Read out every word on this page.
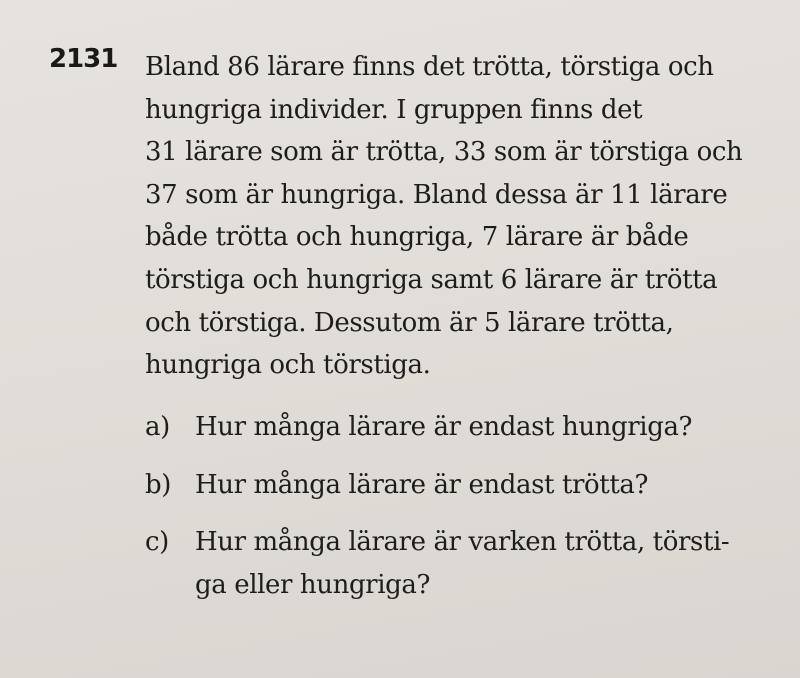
2131 Bland 86 lärare finns det trötta, törstiga och
hungriga individer. I gruppen finns det
31 lärare som är trötta, 33 som är törstiga och
37 som är hungriga. Bland dessa är 11 lärare
både trötta och hungriga, 7 lärare är både
törstiga och hungriga samt 6 lärare är trötta
och törstiga. Dessutom är 5 lärare trötta,
hungriga och törstiga.
a) Hur många lärare är endast hungriga?
b) Hur många lärare är endast trötta?
c) Hur många lärare är varken trötta, törsti-
ga eller hungriga?
